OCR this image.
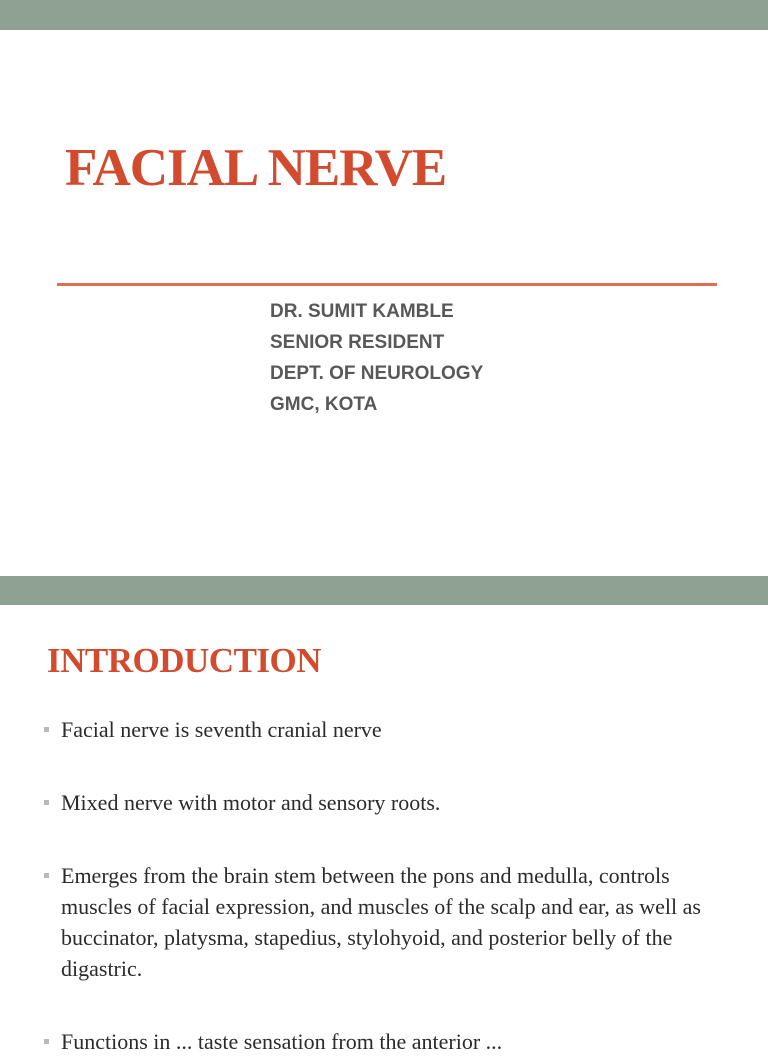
FACIAL NERVE
DR. SUMIT KAMBLE
SENIOR RESIDENT
DEPT. OF NEUROLOGY
GMC, KOTA
INTRODUCTION
Facial nerve is seventh cranial nerve
Mixed nerve with motor and sensory roots.
Emerges from the brain stem between the pons and medulla, controls muscles of facial expression, and muscles of the scalp and ear, as well as buccinator, platysma, stapedius, stylohyoid, and posterior belly of the digastric.
Functions in ... taste sensation from the anterior ...
